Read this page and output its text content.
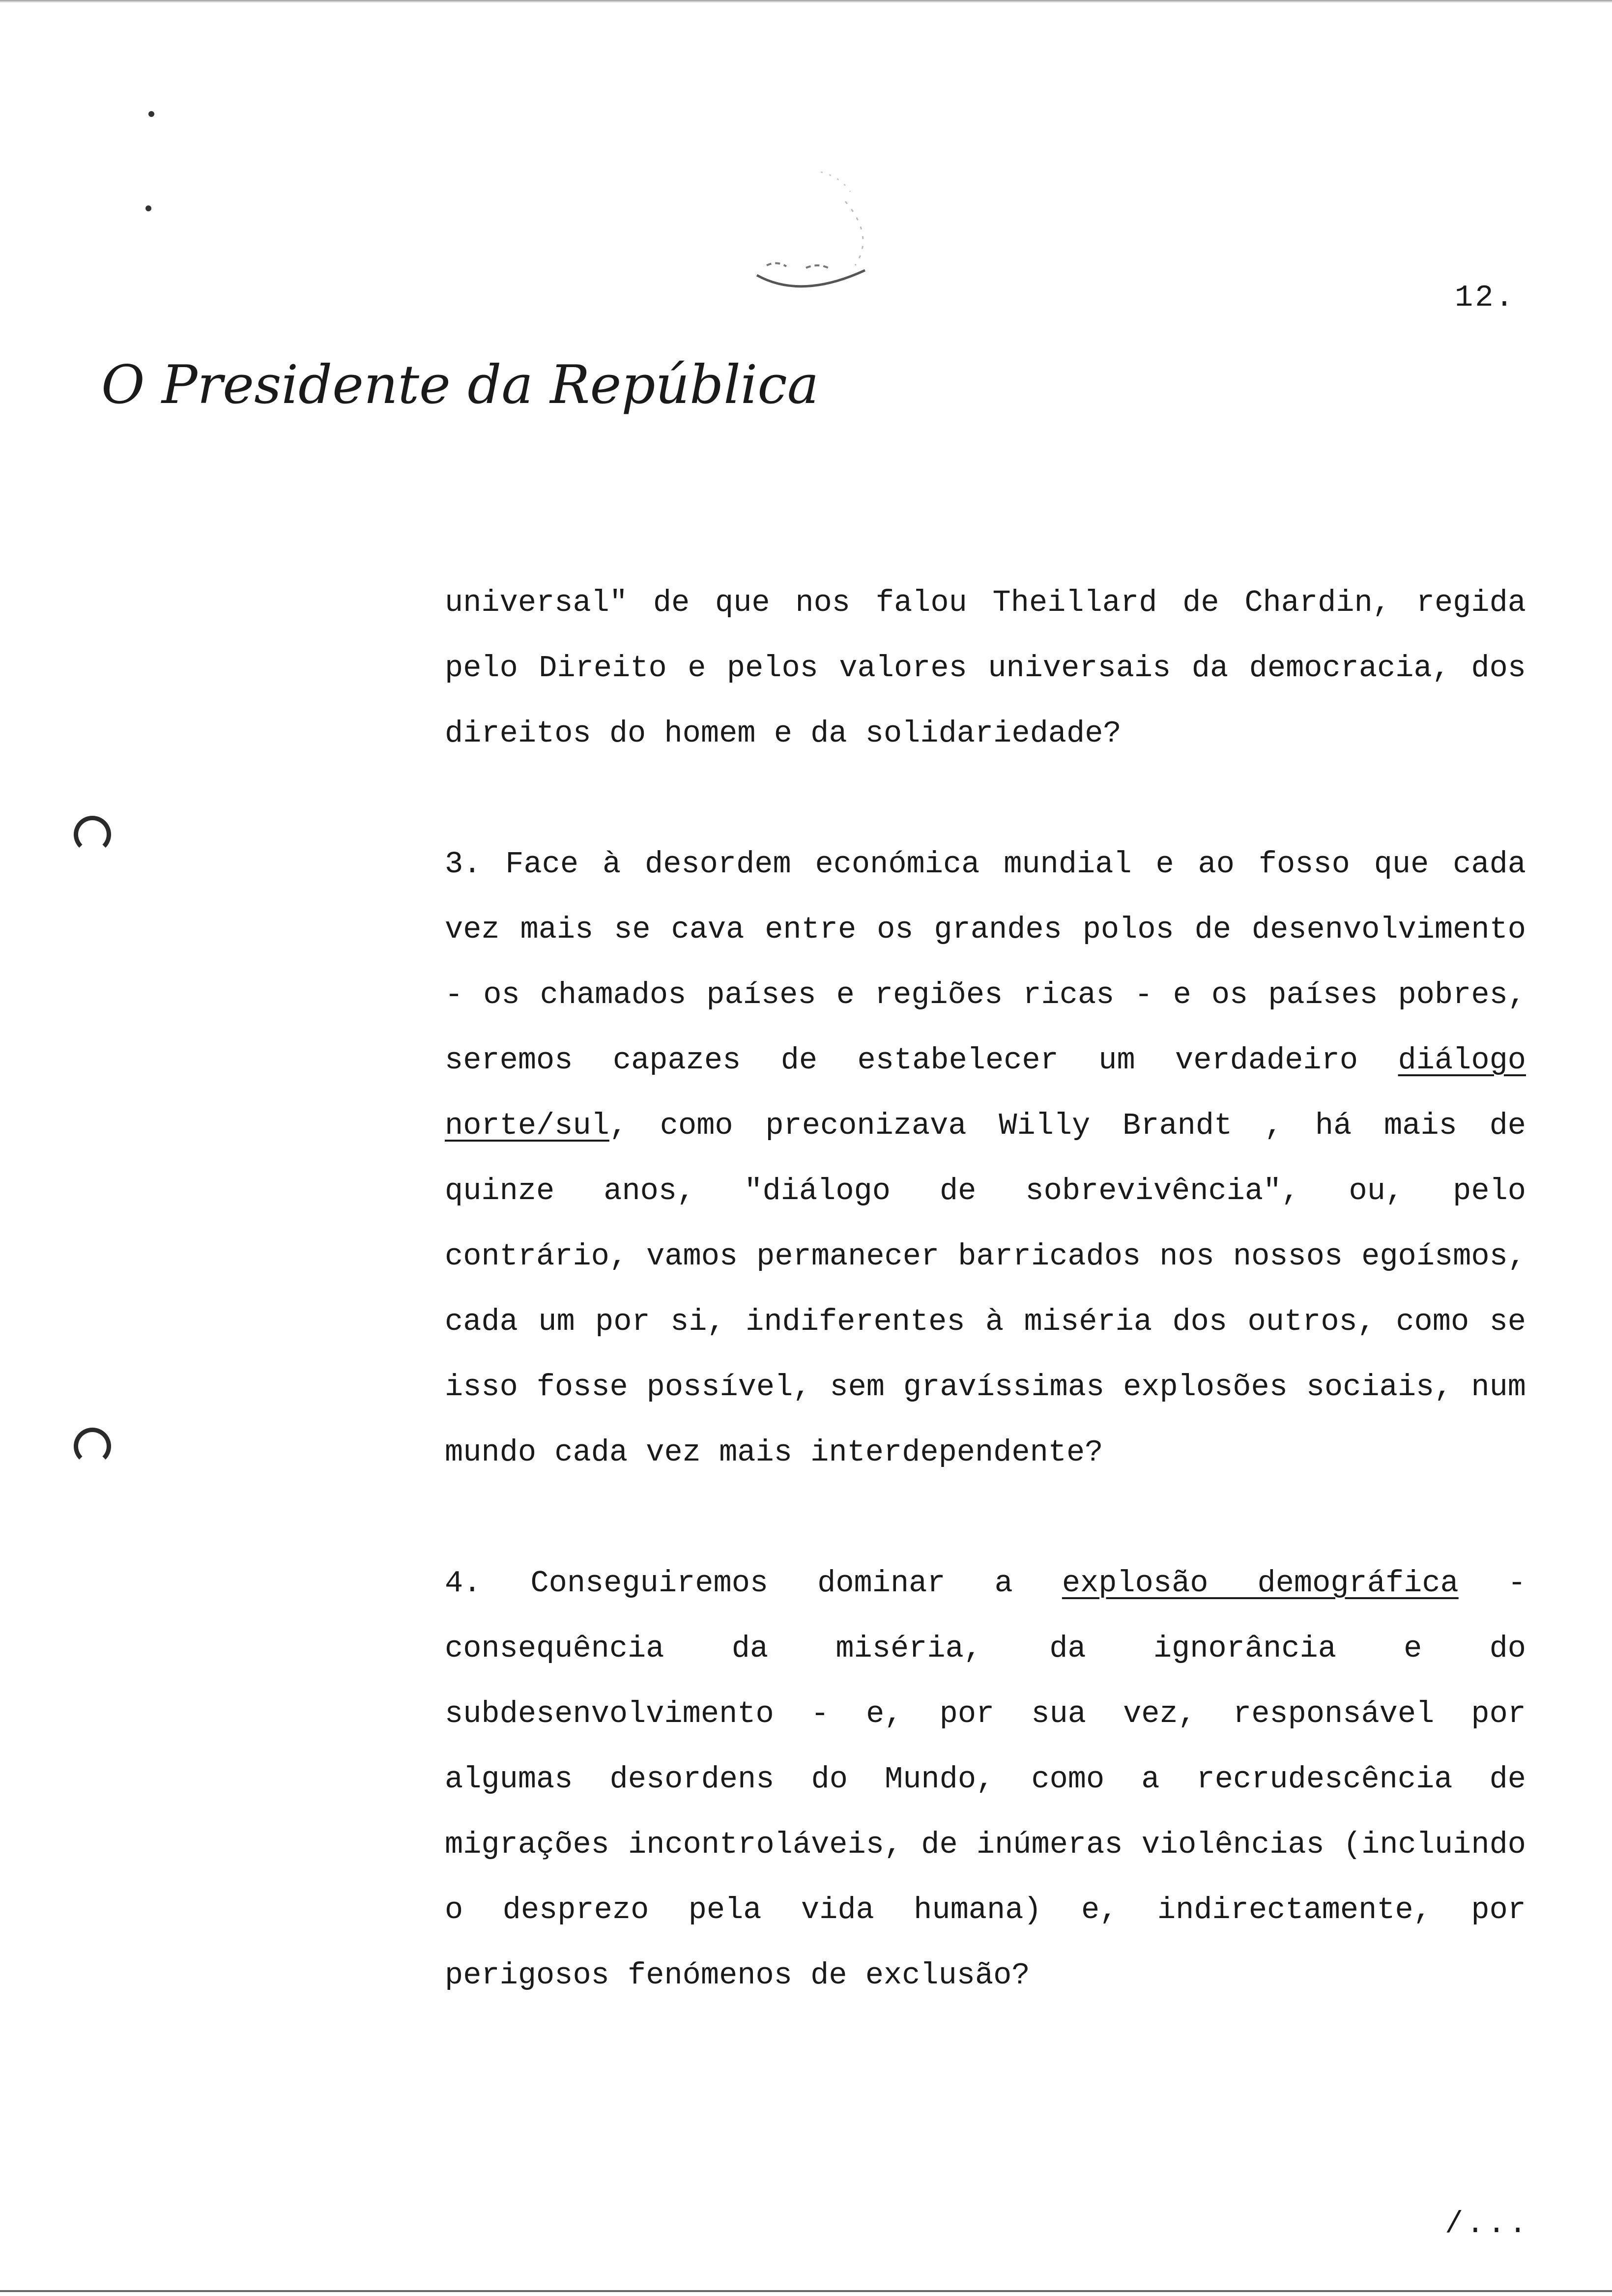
12.
O Presidente da República

universal" de que nos falou Theillard de Chardin, regida pelo Direito e pelos valores universais da democracia, dos direitos do homem e da solidariedade?

3. Face à desordem económica mundial e ao fosso que cada vez mais se cava entre os grandes polos de desenvolvimento - os chamados países e regiões ricas - e os países pobres, seremos capazes de estabelecer um verdadeiro diálogo norte/sul, como preconizava Willy Brandt , há mais de quinze anos, "diálogo de sobrevivência", ou, pelo contrário, vamos permanecer barricados nos nossos egoísmos, cada um por si, indiferentes à miséria dos outros, como se isso fosse possível, sem gravíssimas explosões sociais, num mundo cada vez mais interdependente?

4. Conseguiremos dominar a explosão demográfica - consequência da miséria, da ignorância e do subdesenvolvimento - e, por sua vez, responsável por algumas desordens do Mundo, como a recrudescência de migrações incontroláveis, de inúmeras violências (incluindo o desprezo pela vida humana) e, indirectamente, por perigosos fenómenos de exclusão?

/...
